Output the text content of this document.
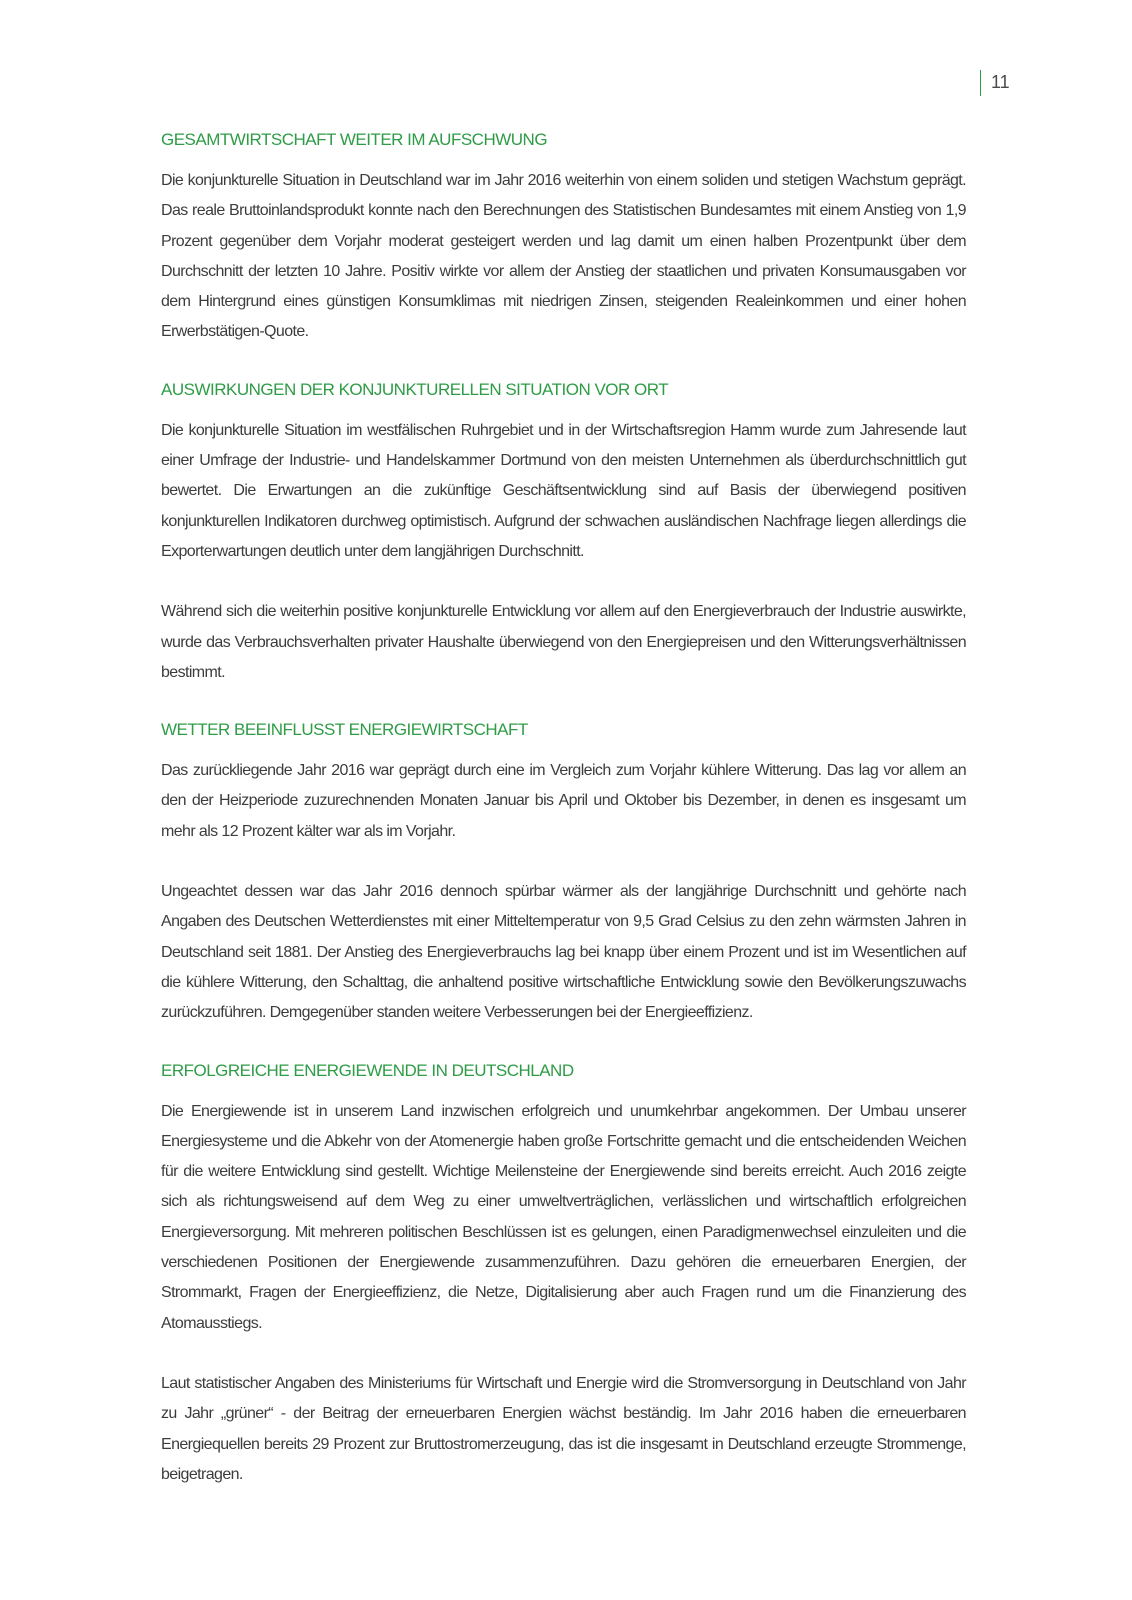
11
GESAMTWIRTSCHAFT WEITER IM AUFSCHWUNG

Die konjunkturelle Situation in Deutschland war im Jahr 2016 weiterhin von einem soliden und stetigen Wachstum geprägt. Das reale Bruttoinlandsprodukt konnte nach den Berechnungen des Statistischen Bundesamtes mit einem Anstieg von 1,9 Prozent gegenüber dem Vorjahr moderat gesteigert werden und lag damit um einen halben Prozentpunkt über dem Durchschnitt der letzten 10 Jahre. Positiv wirkte vor allem der Anstieg der staatlichen und privaten Konsumausgaben vor dem Hintergrund eines günstigen Konsumklimas mit niedrigen Zinsen, steigenden Realeinkommen und einer hohen Erwerbstätigen-Quote.

AUSWIRKUNGEN DER KONJUNKTURELLEN SITUATION VOR ORT

Die konjunkturelle Situation im westfälischen Ruhrgebiet und in der Wirtschaftsregion Hamm wurde zum Jahresende laut einer Umfrage der Industrie- und Handelskammer Dortmund von den meisten Unternehmen als überdurchschnittlich gut bewertet. Die Erwartungen an die zukünftige Geschäftsentwicklung sind auf Basis der überwiegend positiven konjunkturellen Indikatoren durchweg optimistisch. Aufgrund der schwachen ausländischen Nachfrage liegen allerdings die Exporterwartungen deutlich unter dem langjährigen Durchschnitt.

Während sich die weiterhin positive konjunkturelle Entwicklung vor allem auf den Energieverbrauch der Industrie auswirkte, wurde das Verbrauchsverhalten privater Haushalte überwiegend von den Energiepreisen und den Witterungsverhältnissen bestimmt.

WETTER BEEINFLUSST ENERGIEWIRTSCHAFT

Das zurückliegende Jahr 2016 war geprägt durch eine im Vergleich zum Vorjahr kühlere Witterung. Das lag vor allem an den der Heizperiode zuzurechnenden Monaten Januar bis April und Oktober bis Dezember, in denen es insgesamt um mehr als 12 Prozent kälter war als im Vorjahr.

Ungeachtet dessen war das Jahr 2016 dennoch spürbar wärmer als der langjährige Durchschnitt und gehörte nach Angaben des Deutschen Wetterdienstes mit einer Mitteltemperatur von 9,5 Grad Celsius zu den zehn wärmsten Jahren in Deutschland seit 1881. Der Anstieg des Energieverbrauchs lag bei knapp über einem Prozent und ist im Wesentlichen auf die kühlere Witterung, den Schalttag, die anhaltend positive wirtschaftliche Entwicklung sowie den Bevölkerungszuwachs zurückzuführen. Demgegenüber standen weitere Verbesserungen bei der Energieeffizienz.

ERFOLGREICHE ENERGIEWENDE IN DEUTSCHLAND

Die Energiewende ist in unserem Land inzwischen erfolgreich und unumkehrbar angekommen. Der Umbau unserer Energiesysteme und die Abkehr von der Atomenergie haben große Fortschritte gemacht und die entscheidenden Weichen für die weitere Entwicklung sind gestellt. Wichtige Meilensteine der Energiewende sind bereits erreicht. Auch 2016 zeigte sich als richtungsweisend auf dem Weg zu einer umweltverträglichen, verlässlichen und wirtschaftlich erfolgreichen Energieversorgung. Mit mehreren politischen Beschlüssen ist es gelungen, einen Paradigmenwechsel einzuleiten und die verschiedenen Positionen der Energiewende zusammenzuführen. Dazu gehören die erneuerbaren Energien, der Strommarkt, Fragen der Energieeffizienz, die Netze, Digitalisierung aber auch Fragen rund um die Finanzierung des Atomausstiegs.

Laut statistischer Angaben des Ministeriums für Wirtschaft und Energie wird die Stromversorgung in Deutschland von Jahr zu Jahr „grüner“ - der Beitrag der erneuerbaren Energien wächst beständig. Im Jahr 2016 haben die erneuerbaren Energiequellen bereits 29 Prozent zur Bruttostromerzeugung, das ist die insgesamt in Deutschland erzeugte Strommenge, beigetragen.
